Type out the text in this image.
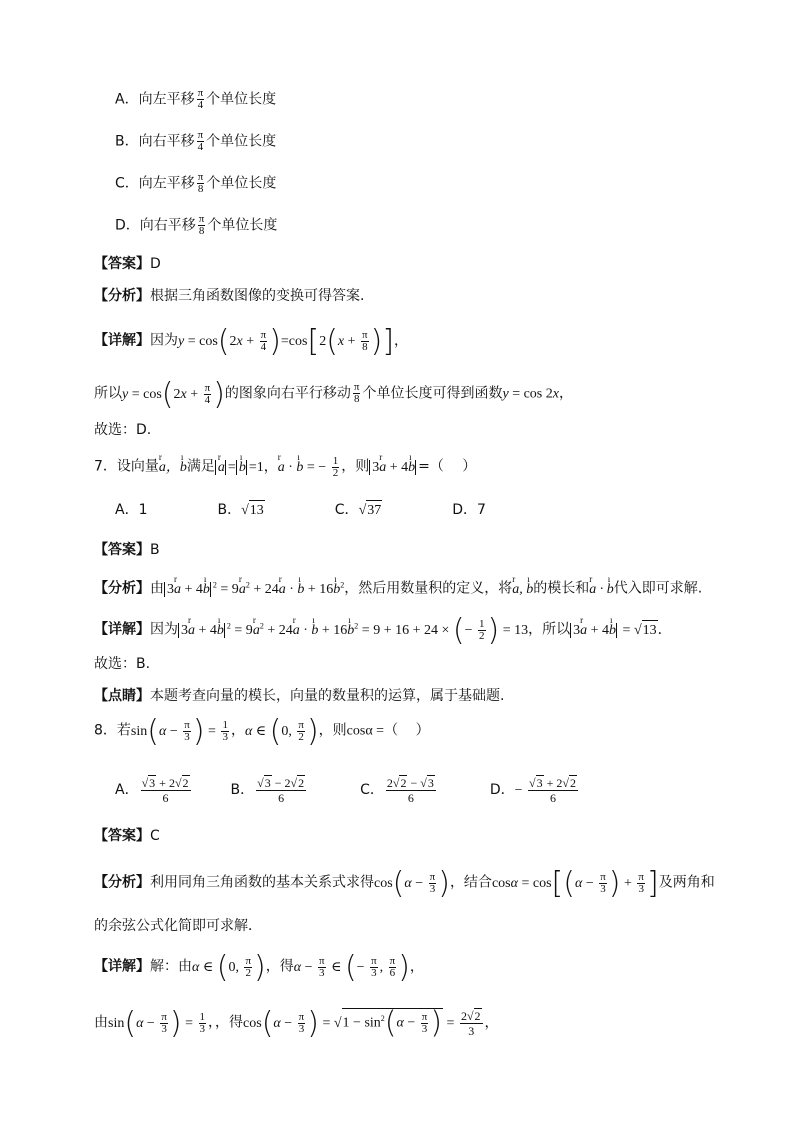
A．向左平移 $\frac{\pi}{4}$ 个单位长度
B．向右平移 $\frac{\pi}{4}$ 个单位长度
C．向左平移 $\frac{\pi}{8}$ 个单位长度
D．向右平移 $\frac{\pi}{8}$ 个单位长度
【答案】D
【分析】根据三角函数图像的变换可得答案.
【详解】因为$y = \cos(2x + \frac{\pi}{4} )=\cos[2(x + \frac{\pi}{8}$ )]，
所以$y = \cos(2x + \frac{\pi}{4}$ )的图象向右平行移动 $\frac{\pi}{8}$ 个单位长度可得到函数y = cos 2x，
故选：D.
7．设向量r a，ı b满足 r a = ı b =1，r a · ı b = − $\frac{1}{2}$ ，则 3r a + 4ı b =（　 ）
A．1	B．√13	C．√37	D．7
【答案】B
【分析】由 3r a + 4ı b $^2$ = 9r $a^2 + 24r$ a · ı b + 16ı $b^2$，然后用数量积的定义，将r a, ı b的模长和r a · ı b代入即可求解.
【详解】因为 3r a + 4ı b $^2$ = 9r $a^2 + 24r$ a · ı b + 16ı $b^2 = 9 + 16 + 24$ × (− $\frac{1}{2}$ ) = 13，所以 3r a + 4ı b = √13．
故选：B.
【点睛】本题考查向量的模长，向量的数量积的运算，属于基础题.
8．若$\sin(\alpha - \frac{\pi}{3}$ ) = $\frac{1}{3}$ ，α ∈ (0, $\frac{\pi}{2}$ )，则cosα =（　 ）
A． $\frac{√3 + 2√2}{6}$	B． $\frac{√3 - 2√2}{6}$	C． $\frac{2√2 - √3}{6}$	D．− $\frac{√3 + 2√2}{6}$
【答案】C
【分析】利用同角三角函数的基本关系式求得$\cos(\alpha - \frac{\pi}{3}$ )，结合$\cos\alpha = \cos[(\alpha - \frac{\pi}{3}$ ) + $\frac{\pi}{3}$ ]及两角和
的余弦公式化简即可求解．
【详解】解：由α ∈ (0, $\frac{\pi}{2}$ )，得$\alpha - \frac{\pi}{3}$ ∈ (− $\frac{\pi}{3}$ , $\frac{\pi}{6}$ )，
由$\sin(\alpha - \frac{\pi}{3}$ ) = $\frac{1}{3}$ ，，得$\cos(\alpha - \frac{\pi}{3}$ ) = $√1 - \sin^2(\alpha - \frac{\pi}{3}$ ) = $\frac{2√2}{3}$ ，
